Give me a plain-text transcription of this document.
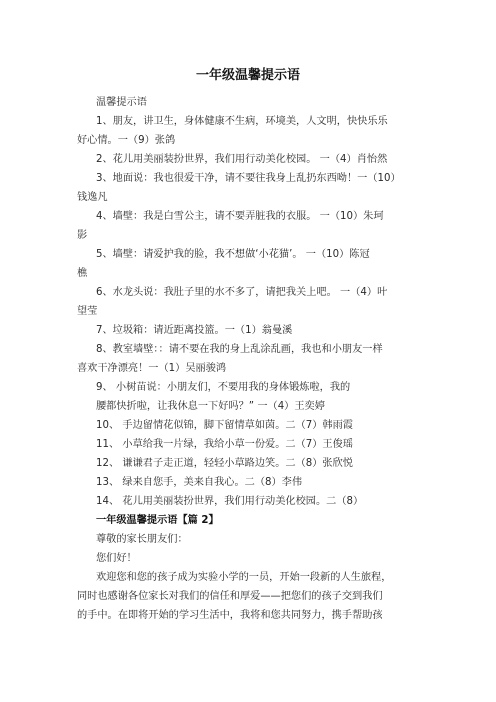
一年级温馨提示语
温馨提示语
1、朋友，讲卫生，身体健康不生病，环境美，人文明，快快乐乐
好心情。一（9）张鸽
2、花儿用美丽装扮世界，我们用行动美化校园。 一（4）肖怡然
3、地面说：我也很爱干净，请不要往我身上乱扔东西呦！一（10）
钱逸凡
4、墙壁：我是白雪公主，请不要弄脏我的衣服。 一（10）朱珂
影
5、墙壁：请爱护我的脸，我不想做‘小花猫’。 一（10）陈冠
樵
6、水龙头说：我肚子里的水不多了，请把我关上吧。 一（4）叶
望莹
7、垃圾箱：请近距离投篮。一（1）翁曼溪
8、教室墙壁：：请不要在我的身上乱涂乱画，我也和小朋友一样
喜欢干净漂亮！一（1）吴丽骏鸿
9、 小树苗说：小朋友们，不要用我的身体锻炼啦，我的
腰都快折啦，让我休息一下好吗？” 一（4）王奕婷
10、 手边留情花似锦，脚下留情草如茵。二（7）韩雨霞
11、 小草给我一片绿，我给小草一份爱。二（7）王俊瑶
12、 谦谦君子走正道，轻轻小草路边笑。二（8）张欣悦
13、 绿来自您手，美来自我心。二（8）李伟
14、 花儿用美丽装扮世界，我们用行动美化校园。二（8）
一年级温馨提示语【篇 2】
尊敬的家长朋友们：
您们好！
欢迎您和您的孩子成为实验小学的一员，开始一段新的人生旅程，
同时也感谢各位家长对我们的信任和厚爱——把您们的孩子交到我们
的手中。在即将开始的学习生活中，我将和您共同努力，携手帮助孩
